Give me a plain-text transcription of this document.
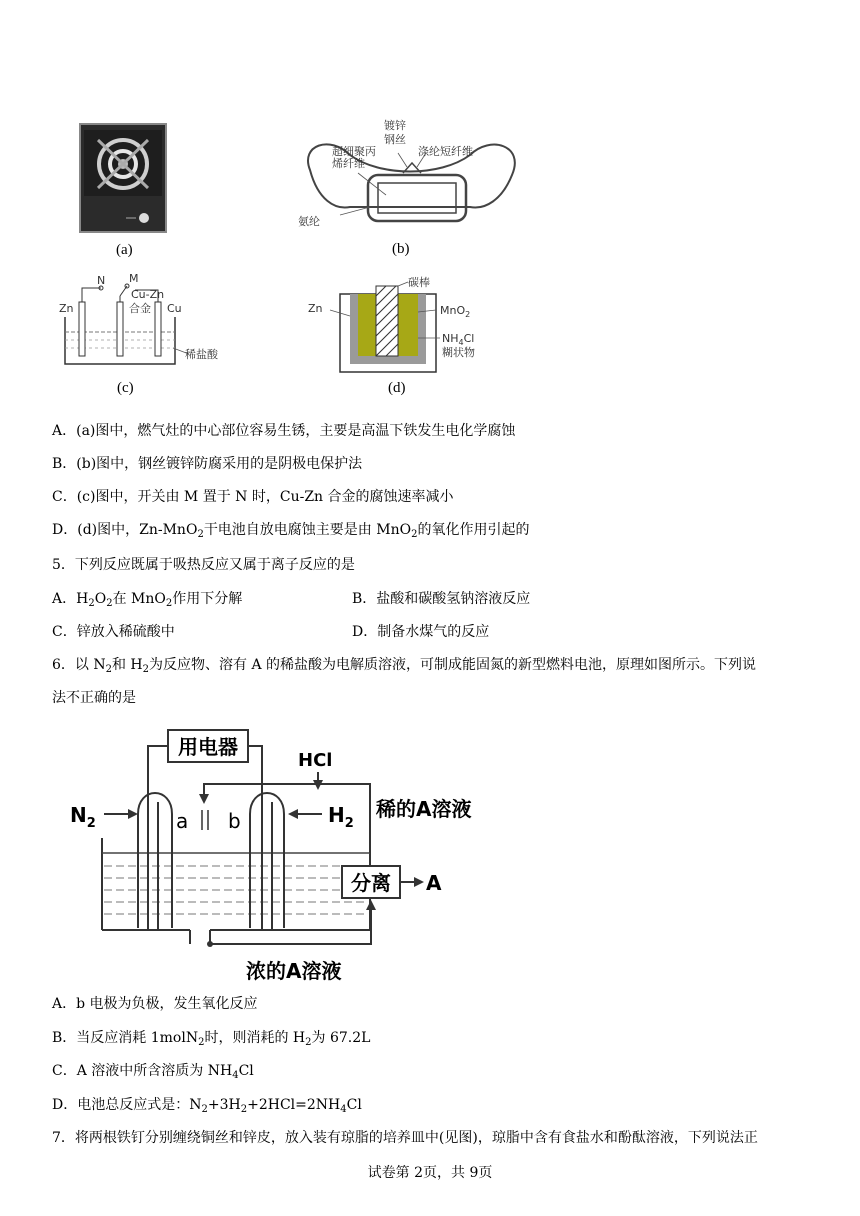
(a)
镀锌
钢丝
涤纶短纤维
超细聚丙
烯纤维
氨纶
(b)
N M
Cu-Zn
合金
Zn	Cu
稀盐酸
(c)
碳棒
Zn	MnO$_2$
$NH_4Cl$
糊状物
(d)
A．(a)图中，燃气灶的中心部位容易生锈，主要是高温下铁发生电化学腐蚀
B．(b)图中，钢丝镀锌防腐采用的是阴极电保护法
C．(c)图中，开关由 M 置于 N 时，Cu-Zn 合金的腐蚀速率减小
D．(d)图中，Zn-MnO$_2$干电池自放电腐蚀主要是由 MnO$_2$的氧化作用引起的
5．下列反应既属于吸热反应又属于离子反应的是
A．$H_2O_2$在 MnO$_2$作用下分解	B．盐酸和碳酸氢钠溶液反应
C．锌放入稀硫酸中	D．制备水煤气的反应
6．以 $N_2$和 $H_2$为反应物、溶有 A 的稀盐酸为电解质溶液，可制成能固氮的新型燃料电池，原理如图所示。下列说
法不正确的是
用电器
$N_2$	$H_2$
a b
HCl
稀的A溶液
分离 A
浓的A溶液
A．b 电极为负极，发生氧化反应
B．当反应消耗 1molN$_2$时，则消耗的 $H_2$为 67.2L
C．A 溶液中所含溶质为 $NH_4Cl$
D．电池总反应式是：$N_2+3H_2+2HCl=2NH_4Cl$
7．将两根铁钉分别缠绕铜丝和锌皮，放入装有琼脂的培养皿中(见图)，琼脂中含有食盐水和酚酞溶液，下列说法正
试卷第 2页，共 9页
